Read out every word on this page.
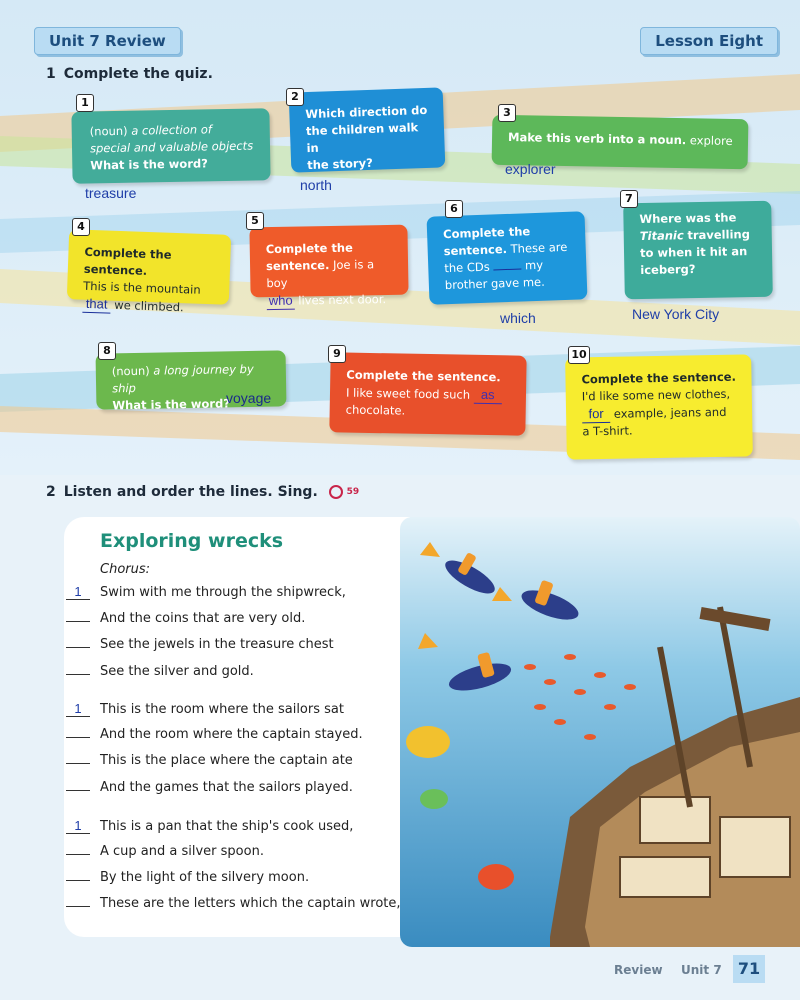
Unit 7 Review	Lesson Eight
1 Complete the quiz.
(noun) a collection of
special and valuable objects
What is the word?
1
treasure
Which direction do
the children walk in
the story?
2
north
Make this verb into a noun. explore
3
explorer
Complete the sentence.
This is the mountain
that we climbed.
4
Complete the
sentence. Joe is a boy
who lives next door.
5
Complete the
sentence. These are
the CDs	my
brother gave me.
6
which
Where was the
Titanic travelling
to when it hit an
iceberg?
7
New York City
(noun) a long journey by ship
What is the word?
8
voyage
Complete the sentence.
I like sweet food such as
chocolate.
9
Complete the sentence.
I'd like some new clothes,
for example, jeans and
a T-shirt.
10
2 Listen and order the lines. Sing.	59
Exploring wrecks
Chorus:
1	Swim with me through the shipwreck,
And the coins that are very old.
See the jewels in the treasure chest
See the silver and gold.
1	This is the room where the sailors sat
And the room where the captain stayed.
This is the place where the captain ate
And the games that the sailors played.
1	This is a pan that the ship's cook used,
A cup and a silver spoon.
By the light of the silvery moon.
These are the letters which the captain wrote,
Review Unit 7	71
